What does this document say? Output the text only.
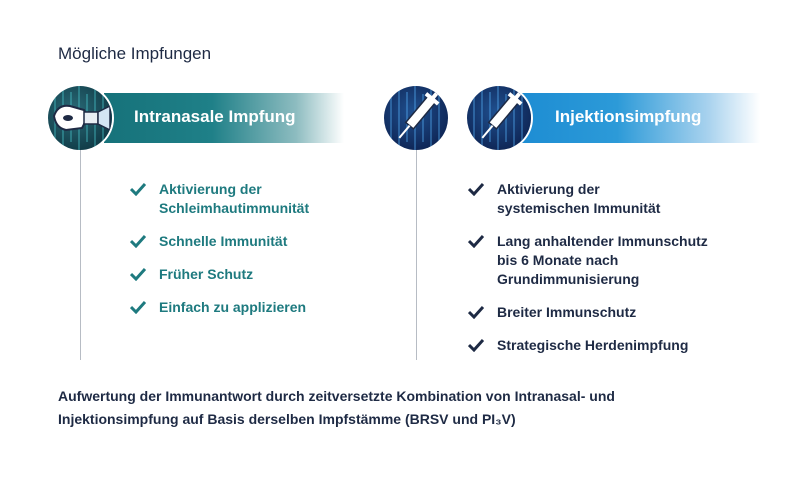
Mögliche Impfungen
Intranasale Impfung
Aktivierung der
Schleimhautimmunität
Schnelle Immunität
Früher Schutz
Einfach zu applizieren
Injektionsimpfung
Aktivierung der
systemischen Immunität
Lang anhaltender Immunschutz
bis 6 Monate nach
Grundimmunisierung
Breiter Immunschutz
Strategische Herdenimpfung
Aufwertung der Immunantwort durch zeitversetzte Kombination von Intranasal- und
Injektionsimpfung auf Basis derselben Impfstämme (BRSV und PI₃V)
